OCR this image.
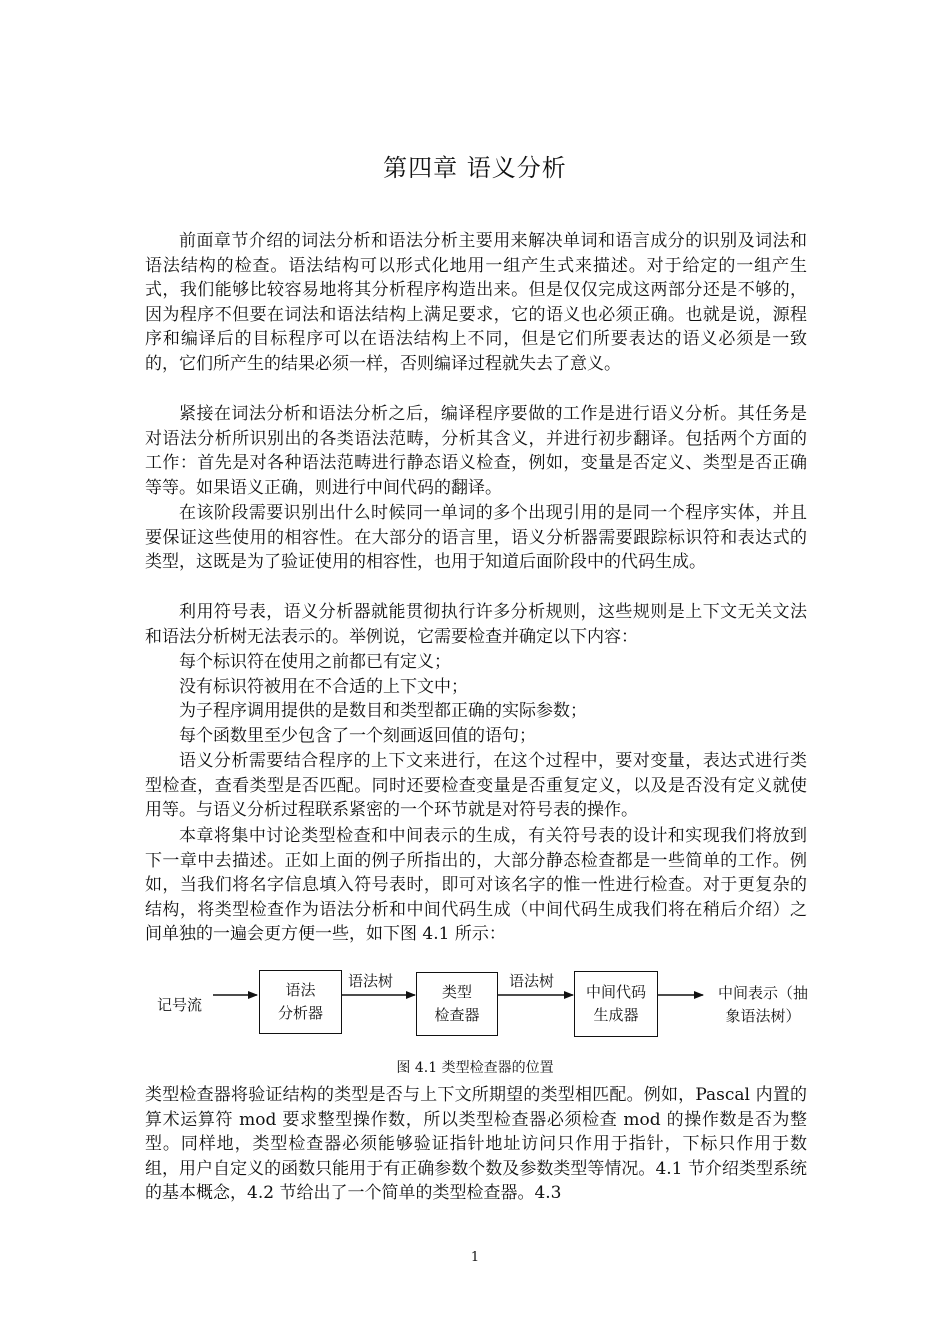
第四章 语义分析

前面章节介绍的词法分析和语法分析主要用来解决单词和语言成分的识别及词法和语法结构的检查。语法结构可以形式化地用一组产生式来描述。对于给定的一组产生式，我们能够比较容易地将其分析程序构造出来。但是仅仅完成这两部分还是不够的，因为程序不但要在词法和语法结构上满足要求，它的语义也必须正确。也就是说，源程序和编译后的目标程序可以在语法结构上不同，但是它们所要表达的语义必须是一致的，它们所产生的结果必须一样，否则编译过程就失去了意义。

紧接在词法分析和语法分析之后，编译程序要做的工作是进行语义分析。其任务是对语法分析所识别出的各类语法范畴，分析其含义，并进行初步翻译。包括两个方面的工作：首先是对各种语法范畴进行静态语义检查，例如，变量是否定义、类型是否正确等等。如果语义正确，则进行中间代码的翻译。

在该阶段需要识别出什么时候同一单词的多个出现引用的是同一个程序实体，并且要保证这些使用的相容性。在大部分的语言里，语义分析器需要跟踪标识符和表达式的类型，这既是为了验证使用的相容性，也用于知道后面阶段中的代码生成。

利用符号表，语义分析器就能贯彻执行许多分析规则，这些规则是上下文无关文法和语法分析树无法表示的。举例说，它需要检查并确定以下内容：

每个标识符在使用之前都已有定义；

没有标识符被用在不合适的上下文中；

为子程序调用提供的是数目和类型都正确的实际参数；

每个函数里至少包含了一个刻画返回值的语句；

语义分析需要结合程序的上下文来进行，在这个过程中，要对变量，表达式进行类型检查，查看类型是否匹配。同时还要检查变量是否重复定义，以及是否没有定义就使用等。与语义分析过程联系紧密的一个环节就是对符号表的操作。

本章将集中讨论类型检查和中间表示的生成，有关符号表的设计和实现我们将放到下一章中去描述。正如上面的例子所指出的，大部分静态检查都是一些简单的工作。例如，当我们将名字信息填入符号表时，即可对该名字的惟一性进行检查。对于更复杂的结构，将类型检查作为语法分析和中间代码生成（中间代码生成我们将在稍后介绍）之间单独的一遍会更方便一些，如下图 4.1 所示：

记号流
语法
分析器
语法树
类型
检查器
语法树
中间代码
生成器
中间表示（抽
象语法树）
图 4.1 类型检查器的位置

类型检查器将验证结构的类型是否与上下文所期望的类型相匹配。例如，Pascal 内置的算术运算符 mod 要求整型操作数，所以类型检查器必须检查 mod 的操作数是否为整型。同样地，类型检查器必须能够验证指针地址访问只作用于指针，下标只作用于数组，用户自定义的函数只能用于有正确参数个数及参数类型等情况。4.1 节介绍类型系统的基本概念，4.2 节给出了一个简单的类型检查器。4.3

1
